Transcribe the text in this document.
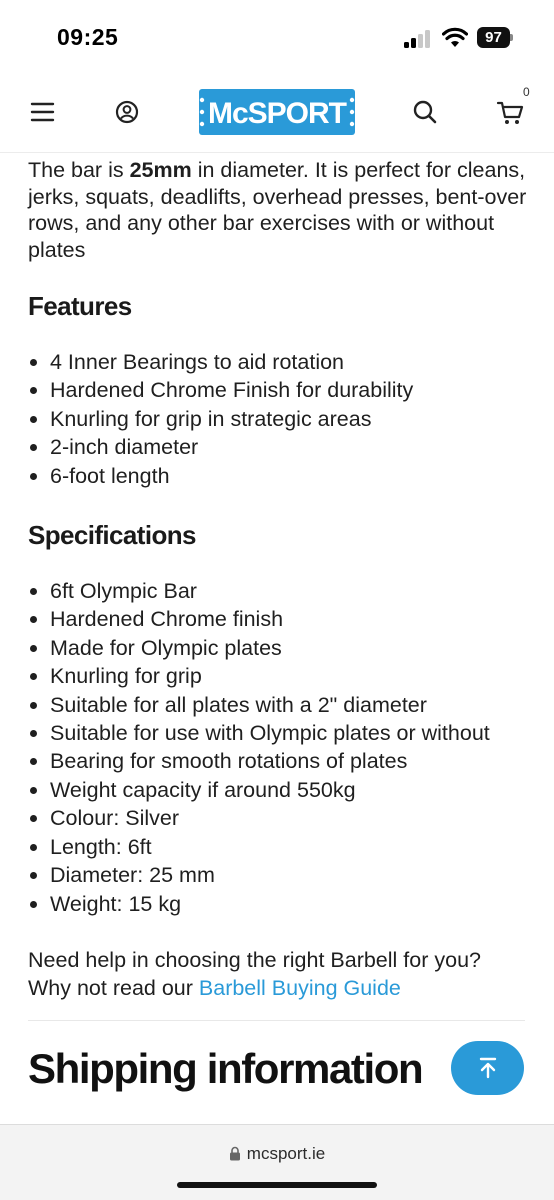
09:25	97
McSPORT
0

The bar is 25mm in diameter. It is perfect for cleans, jerks, squats, deadlifts, overhead presses, bent-over rows, and any other bar exercises with or without plates

Features
4 Inner Bearings to aid rotation
Hardened Chrome Finish for durability
Knurling for grip in strategic areas
2-inch diameter
6-foot length
Specifications
6ft Olympic Bar
Hardened Chrome finish
Made for Olympic plates
Knurling for grip
Suitable for all plates with a 2" diameter
Suitable for use with Olympic plates or without
Bearing for smooth rotations of plates
Weight capacity if around 550kg
Colour: Silver
Length: 6ft
Diameter: 25 mm
Weight: 15 kg

Need help in choosing the right Barbell for you?
Why not read our Barbell Buying Guide

Shipping information
mcsport.ie
